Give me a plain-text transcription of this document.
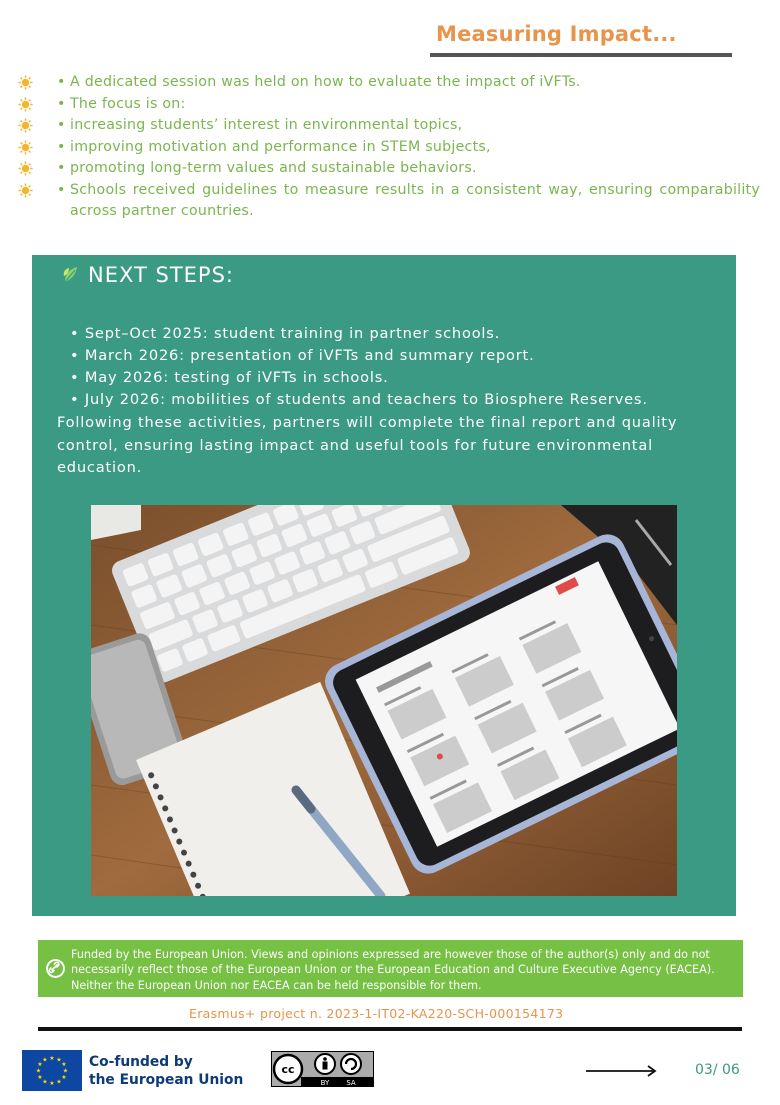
Measuring Impact...
• A dedicated session was held on how to evaluate the impact of iVFTs.
• The focus is on:
• increasing students’ interest in environmental topics,
• improving motivation and performance in STEM subjects,
• promoting long-term values and sustainable behaviors.
• Schools received guidelines to measure results in a consistent way, ensuring comparability across partner countries.
NEXT STEPS:
• Sept–Oct 2025: student training in partner schools.
• March 2026: presentation of iVFTs and summary report.
• May 2026: testing of iVFTs in schools.
• July 2026: mobilities of students and teachers to Biosphere Reserves.
Following these activities, partners will complete the final report and quality control, ensuring lasting impact and useful tools for future environmental education.
Funded by the European Union. Views and opinions expressed are however those of the author(s) only and do not
necessarily reflect those of the European Union or the European Education and Culture Executive Agency (EACEA).
Neither the European Union nor EACEA can be held responsible for them.
Erasmus+ project n. 2023-1-IT02-KA220-SCH-000154173
★ ★
★
★
★
★
★
★
★
★
★
★	Co-funded by
the European Union
cc
BY SA
03/ 06
